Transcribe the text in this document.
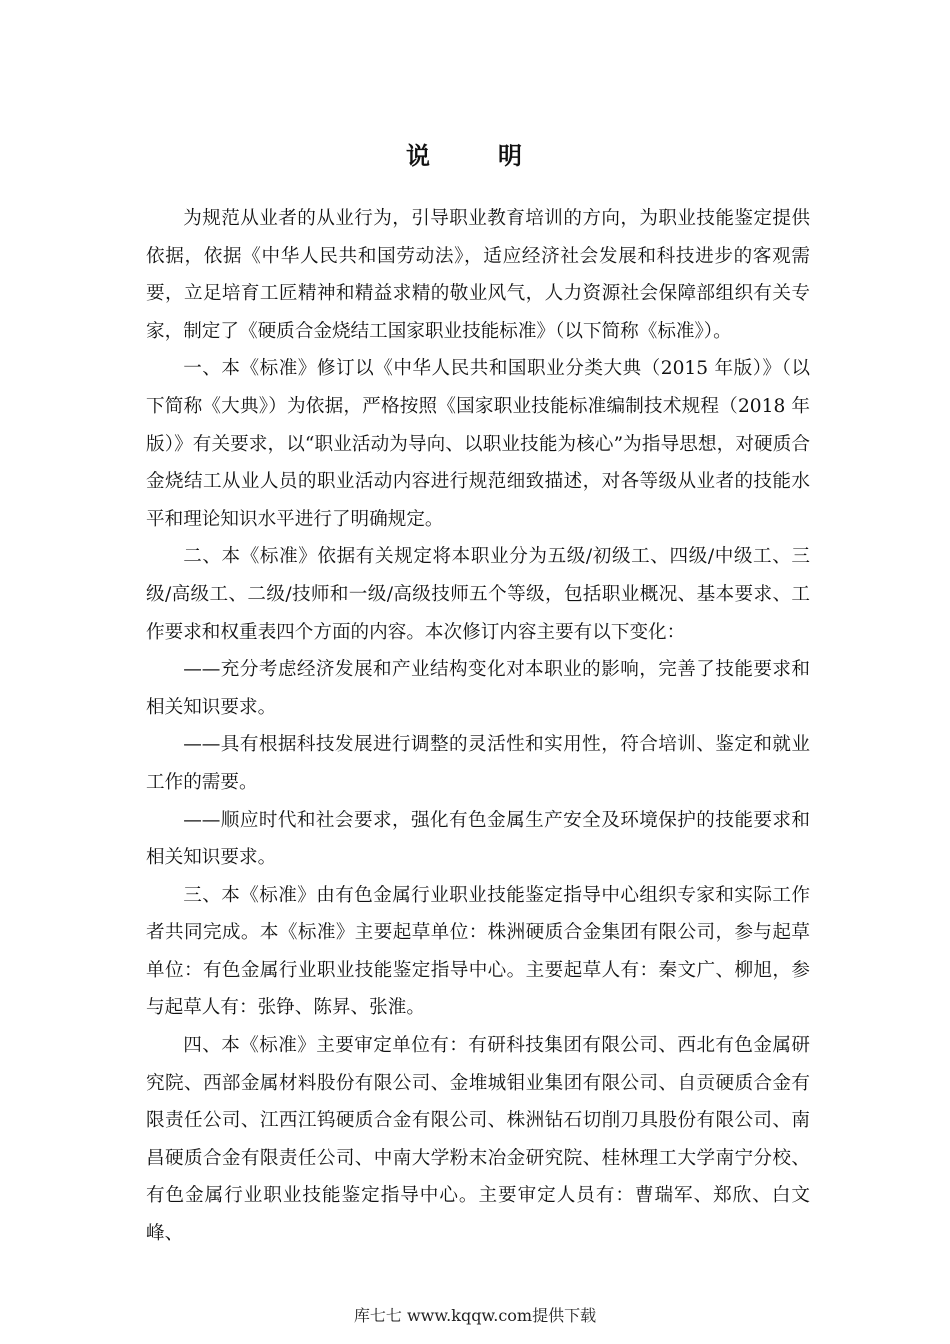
说　明

为规范从业者的从业行为，引导职业教育培训的方向，为职业技能鉴定提供依据，依据《中华人民共和国劳动法》，适应经济社会发展和科技进步的客观需要，立足培育工匠精神和精益求精的敬业风气，人力资源社会保障部组织有关专家，制定了《硬质合金烧结工国家职业技能标准》（以下简称《标准》）。

一、本《标准》修订以《中华人民共和国职业分类大典（2015 年版）》（以下简称《大典》）为依据，严格按照《国家职业技能标准编制技术规程（2018 年版）》有关要求，以“职业活动为导向、以职业技能为核心”为指导思想，对硬质合金烧结工从业人员的职业活动内容进行规范细致描述，对各等级从业者的技能水平和理论知识水平进行了明确规定。

二、本《标准》依据有关规定将本职业分为五级/初级工、四级/中级工、三级/高级工、二级/技师和一级/高级技师五个等级，包括职业概况、基本要求、工作要求和权重表四个方面的内容。本次修订内容主要有以下变化：

——充分考虑经济发展和产业结构变化对本职业的影响，完善了技能要求和相关知识要求。

——具有根据科技发展进行调整的灵活性和实用性，符合培训、鉴定和就业工作的需要。

——顺应时代和社会要求，强化有色金属生产安全及环境保护的技能要求和相关知识要求。

三、本《标准》由有色金属行业职业技能鉴定指导中心组织专家和实际工作者共同完成。本《标准》主要起草单位：株洲硬质合金集团有限公司，参与起草单位：有色金属行业职业技能鉴定指导中心。主要起草人有：秦文广、柳旭，参与起草人有：张铮、陈昇、张淮。

四、本《标准》主要审定单位有：有研科技集团有限公司、西北有色金属研究院、西部金属材料股份有限公司、金堆城钼业集团有限公司、自贡硬质合金有限责任公司、江西江钨硬质合金有限公司、株洲钻石切削刀具股份有限公司、南昌硬质合金有限责任公司、中南大学粉末冶金研究院、桂林理工大学南宁分校、有色金属行业职业技能鉴定指导中心。主要审定人员有：曹瑞军、郑欣、白文峰、

库七七 www.kqqw.com提供下载
